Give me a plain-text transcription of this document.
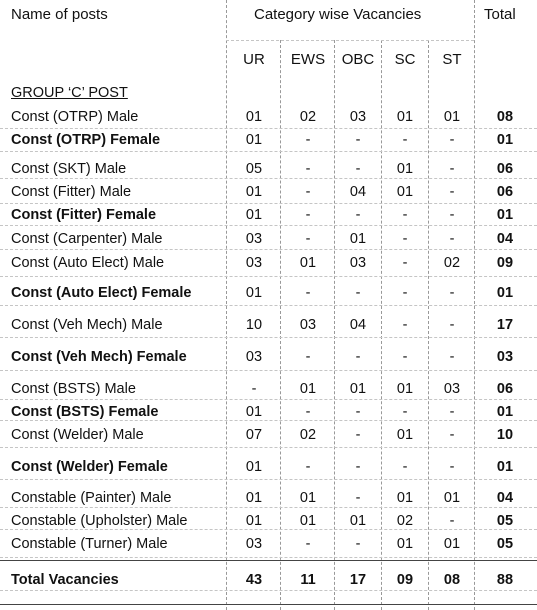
Name of posts	Category wise Vacancies	Total
UR	EWS	OBC	SC	ST
GROUP ‘C’ POST
Const (OTRP) Male	01	02	03	01	01	08
Const (OTRP) Female	01	-	-	-	-	01
Const (SKT) Male	05	-	-	01	-	06
Const (Fitter) Male	01	-	04	01	-	06
Const (Fitter) Female	01	-	-	-	-	01
Const (Carpenter) Male	03	-	01	-	-	04
Const (Auto Elect) Male	03	01	03	-	02	09
Const (Auto Elect) Female	01	-	-	-	-	01
Const (Veh Mech) Male	10	03	04	-	-	17
Const (Veh Mech) Female	03	-	-	-	-	03
Const (BSTS) Male	-	01	01	01	03	06
Const (BSTS) Female	01	-	-	-	-	01
Const (Welder) Male	07	02	-	01	-	10
Const (Welder) Female	01	-	-	-	-	01
Constable (Painter) Male	01	01	-	01	01	04
Constable (Upholster) Male	01	01	01	02	-	05
Constable (Turner) Male	03	-	-	01	01	05
Total Vacancies	43	11	17	09	08	88
